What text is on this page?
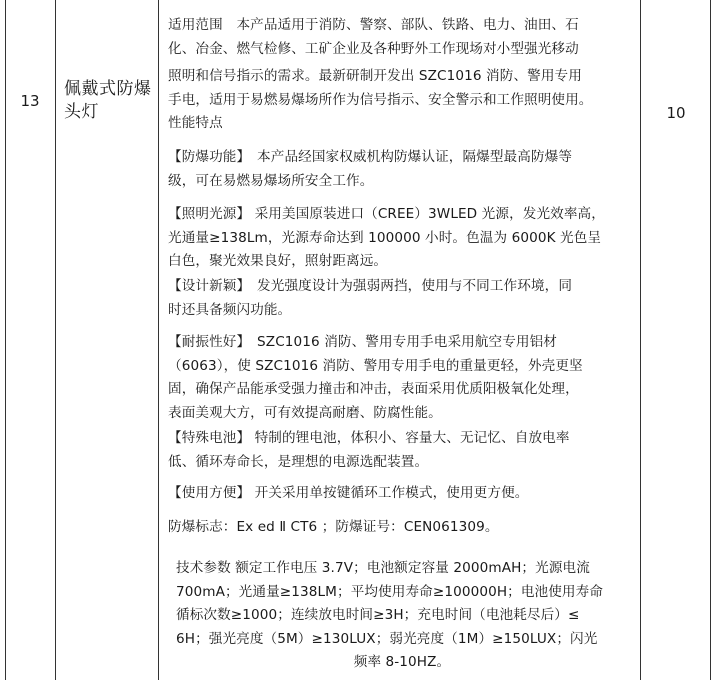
13
佩戴式防爆
头灯	10
适用范围　本产品适用于消防、警察、部队、铁路、电力、油田、石
化、冶金、燃气检修、工矿企业及各种野外工作现场对小型强光移动
照明和信号指示的需求。最新研制开发出 SZC1016 消防、警用专用
手电，适用于易燃易爆场所作为信号指示、安全警示和工作照明使用。
性能特点
【防爆功能】　本产品经国家权威机构防爆认证，隔爆型最高防爆等
级，可在易燃易爆场所安全工作。
【照明光源】 采用美国原装进口（CREE）3WLED 光源，发光效率高，
光通量≥138Lm，光源寿命达到 100000 小时。色温为 6000K 光色呈
白色，聚光效果良好，照射距离远。
【设计新颖】　发光强度设计为强弱两挡，使用与不同工作环境，同
时还具备频闪功能。
【耐振性好】　SZC1016 消防、警用专用手电采用航空专用铝材
（6063），使 SZC1016 消防、警用专用手电的重量更轻，外壳更坚
固，确保产品能承受强力撞击和冲击，表面采用优质阳极氧化处理，
表面美观大方，可有效提高耐磨、防腐性能。
【特殊电池】 特制的锂电池，体积小、容量大、无记忆、自放电率
低、循环寿命长，是理想的电源选配装置。
【使用方便】 开关采用单按键循环工作模式，使用更方便。
防爆标志：Ex ed Ⅱ CT6 ；防爆证号：CEN061309。
技术参数 额定工作电压 3.7V；电池额定容量 2000mAH；光源电流
700mA；光通量≥138LM；平均使用寿命≥100000H；电池使用寿命
循标次数≥1000；连续放电时间≥3H；充电时间（电池耗尽后）≤
6H；强光亮度（5M）≥130LUX；弱光亮度（1M）≥150LUX；闪光
频率 8-10HZ。
